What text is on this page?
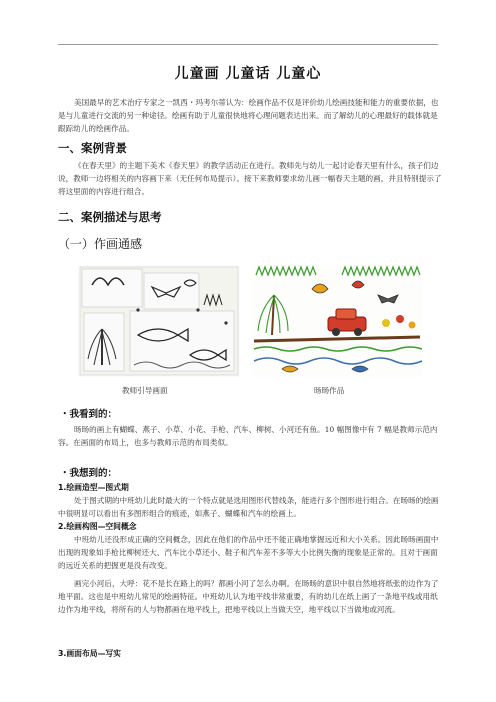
儿童画 儿童话 儿童心

美国最早的艺术治疗专家之一凯西・玛考尔蒂认为：绘画作品不仅是评价幼儿绘画技能和能力的重要依据，也是与儿童进行交流的另一种途径。绘画有助于儿童很快地将心理问题表达出来。而了解幼儿的心理最好的载体就是跟踪幼儿的绘画作品。

一、案例背景

《在春天里》的主题下美术《春天里》的教学活动正在进行。教师先与幼儿一起讨论春天里有什么，孩子们边说，教师一边将相关的内容画下来（无任何布局提示）。接下来教师要求幼儿画一幅春天主题的画，并且特别提示了将这里面的内容进行组合。

二、案例描述与思考
（一）作画通感
教师引导画面	旸旸作品
・我看到的：

旸旸的画上有蝴蝶、燕子、小草、小花、手枪、汽车、柳树、小河还有鱼。10 幅图像中有 7 幅是教师示范内容。在画面的布局上，也多与教师示范的布局类似。

・我想到的：
1.绘画造型—图式期

处于图式期的中班幼儿此时最大的一个特点就是选用图形代替线条，能进行多个图形进行组合。在旸旸的绘画中很明显可以看出有多图形组合的痕迹，如燕子、蝴蝶和汽车的绘画上。

2.绘画构图—空间概念

中班幼儿还没形成正确的空间概念，因此在他们的作品中还不能正确地掌握远近和大小关系。因此旸旸画面中出现的现象如手枪比柳树还大、汽车比小草还小、鞋子和汽车差不多等大小比例失衡的现象是正常的。且对于画面的远近关系的把握更是没有改变。

画完小河后，大呼：花不是长在路上的吗？都画小河了怎么办啊。在旸旸的意识中很自然地将纸张的边作为了地平面。这也是中班幼儿常见的绘画特征。中班幼儿认为地平线非常重要，有的幼儿在纸上画了一条地平线或用纸边作为地平线，将所有的人与物都画在地平线上，把地平线以上当做天空，地平线以下当做地或河流。

3.画面布局—写实
